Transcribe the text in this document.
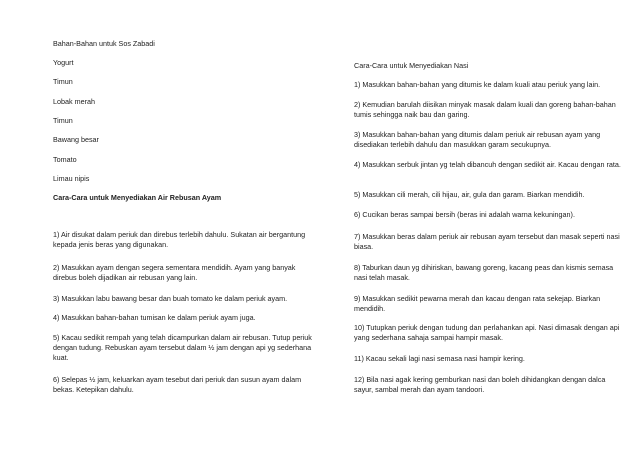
Bahan-Bahan untuk Sos Zabadi
Yogurt
Timun
Lobak merah
Timun
Bawang besar
Tomato
Limau nipis
Cara-Cara untuk Menyediakan Air Rebusan Ayam
1) Air disukat dalam periuk dan direbus terlebih dahulu. Sukatan air bergantung kepada jenis beras yang digunakan.
2) Masukkan ayam dengan segera sementara mendidih. Ayam yang banyak direbus boleh dijadikan air rebusan yang lain.
3) Masukkan labu bawang besar dan buah tomato ke dalam periuk ayam.
4) Masukkan bahan-bahan tumisan ke dalam periuk ayam juga.
5) Kacau sedikit rempah yang telah dicampurkan dalam air rebusan. Tutup periuk dengan tudung. Rebuskan ayam tersebut dalam ½ jam dengan api yg sederhana kuat.
6) Selepas ½ jam, keluarkan ayam tesebut dari periuk dan susun ayam dalam bekas. Ketepikan dahulu.
Cara-Cara untuk Menyediakan Nasi
1) Masukkan bahan-bahan yang ditumis ke dalam kuali atau periuk yang lain.
2) Kemudian barulah diisikan minyak masak dalam kuali dan goreng bahan-bahan tumis sehingga naik bau dan garing.
3) Masukkan bahan-bahan yang ditumis dalam periuk air rebusan ayam yang disediakan terlebih dahulu dan masukkan garam secukupnya.
4) Masukkan serbuk jintan yg telah dibancuh dengan sedikit air. Kacau dengan rata.
5) Masukkan cili merah, cili hijau, air, gula dan garam. Biarkan mendidih.
6) Cucikan beras sampai bersih (beras ini adalah warna kekuningan).
7) Masukkan beras dalam periuk air rebusan ayam tersebut dan masak seperti nasi biasa.
8) Taburkan daun yg dihiriskan, bawang goreng, kacang peas dan kismis semasa nasi telah masak.
9) Masukkan sedikit pewarna merah dan kacau dengan rata sekejap. Biarkan mendidih.
10) Tutupkan periuk dengan tudung dan perlahankan api. Nasi dimasak dengan api yang sederhana sahaja sampai hampir masak.
11) Kacau sekali lagi nasi semasa nasi hampir kering.
12) Bila nasi agak kering gemburkan nasi dan boleh dihidangkan dengan dalca sayur, sambal merah dan ayam tandoori.
